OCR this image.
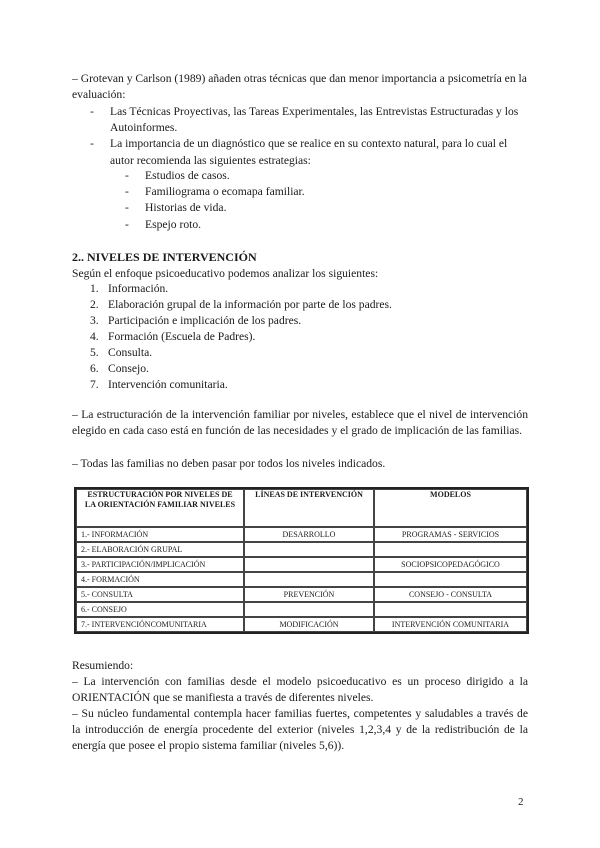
– Grotevan y Carlson (1989) añaden otras técnicas que dan menor importancia a psicometría en la evaluación:

- Las Técnicas Proyectivas, las Tareas Experimentales, las Entrevistas Estructuradas y los Autoinformes.
- La importancia de un diagnóstico que se realice en su contexto natural, para lo cual el autor recomienda las siguientes estrategias:
- Estudios de casos.
- Familiograma o ecomapa familiar.
- Historias de vida.
- Espejo roto.
2.. NIVELES DE INTERVENCIÓN

Según el enfoque psicoeducativo podemos analizar los siguientes:

1. Información.
2. Elaboración grupal de la información por parte de los padres.
3. Participación e implicación de los padres.
4. Formación (Escuela de Padres).
5. Consulta.
6. Consejo.
7. Intervención comunitaria.

– La estructuración de la intervención familiar por niveles, establece que el nivel de intervención elegido en cada caso está en función de las necesidades y el grado de implicación de las familias.

– Todas las familias no deben pasar por todos los niveles indicados.

ESTRUCTURACIÓN POR NIVELES DE LA ORIENTACIÓN FAMILIAR NIVELES	LÍNEAS DE INTERVENCIÓN	MODELOS
1.- INFORMACIÓN	DESARROLLO	PROGRAMAS - SERVICIOS
2.- ELABORACIÓN GRUPAL		
3.- PARTICIPACIÓN/IMPLICACIÓN		SOCIOPSICOPEDAGÓGICO
4.- FORMACIÓN		
5.- CONSULTA	PREVENCIÓN	CONSEJO - CONSULTA
6.- CONSEJO		
7.- INTERVENCIÓNCOMUNITARIA	MODIFICACIÓN	INTERVENCIÓN COMUNITARIA

Resumiendo:

– La intervención con familias desde el modelo psicoeducativo es un proceso dirigido a la ORIENTACIÓN que se manifiesta a través de diferentes niveles.

– Su núcleo fundamental contempla hacer familias fuertes, competentes y saludables a través de la introducción de energía procedente del exterior (niveles 1,2,3,4 y de la redistribución de la energía que posee el propio sistema familiar (niveles 5,6)).

2
